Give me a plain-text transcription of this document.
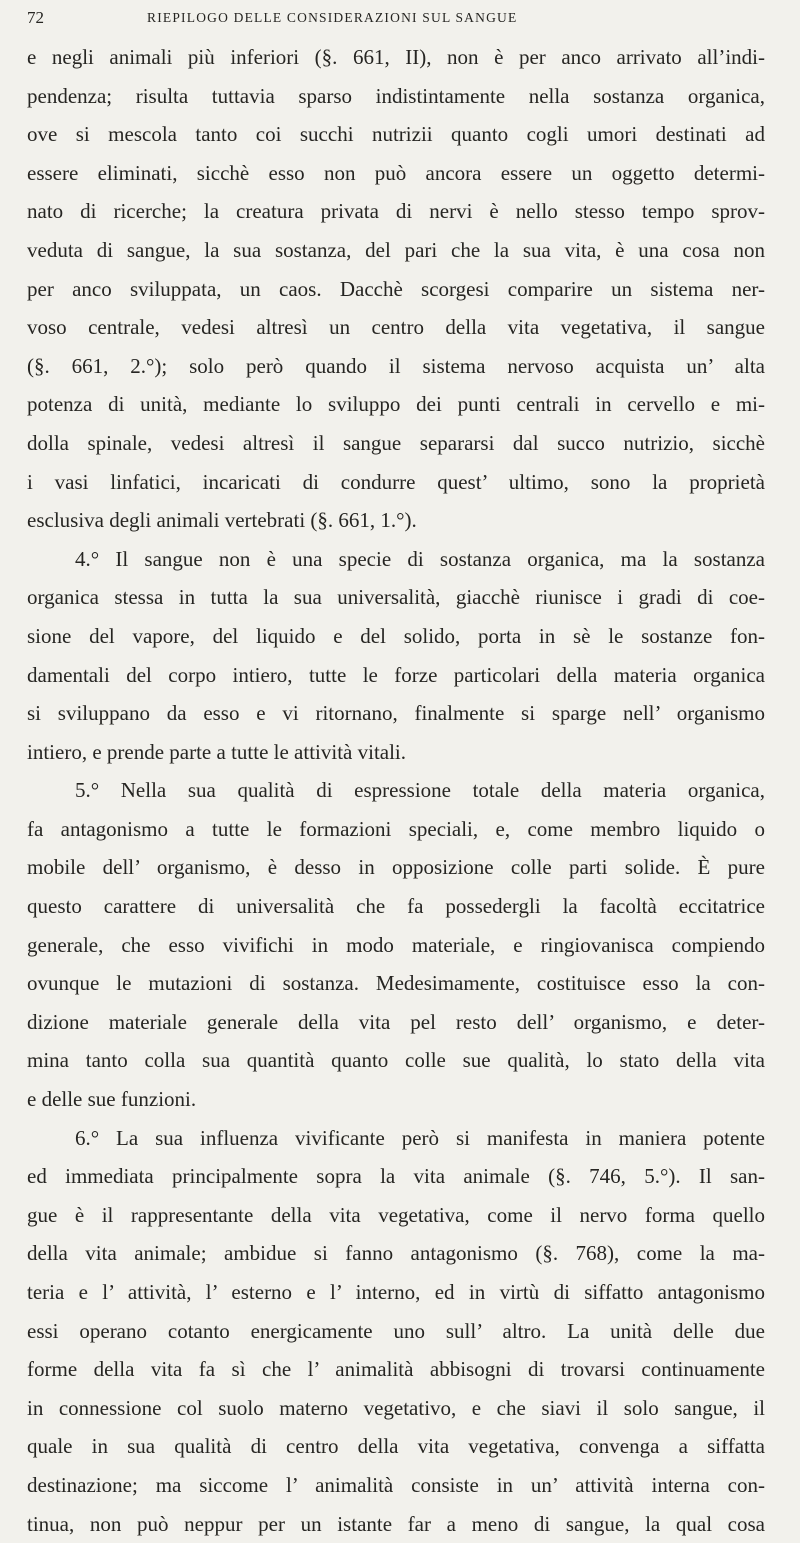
72	RIEPILOGO DELLE CONSIDERAZIONI SUL SANGUE
e negli animali più inferiori (§. 661, II), non è per anco arrivato all’indi-
pendenza; risulta tuttavia sparso indistintamente nella sostanza organica,
ove si mescola tanto coi succhi nutrizii quanto cogli umori destinati ad
essere eliminati, sicchè esso non può ancora essere un oggetto determi-
nato di ricerche; la creatura privata di nervi è nello stesso tempo sprov-
veduta di sangue, la sua sostanza, del pari che la sua vita, è una cosa non
per anco sviluppata, un caos. Dacchè scorgesi comparire un sistema ner-
voso centrale, vedesi altresì un centro della vita vegetativa, il sangue
(§. 661, 2.°); solo però quando il sistema nervoso acquista un’ alta
potenza di unità, mediante lo sviluppo dei punti centrali in cervello e mi-
dolla spinale, vedesi altresì il sangue separarsi dal succo nutrizio, sicchè
i vasi linfatici, incaricati di condurre quest’ ultimo, sono la proprietà
esclusiva degli animali vertebrati (§. 661, 1.°).
4.° Il sangue non è una specie di sostanza organica, ma la sostanza
organica stessa in tutta la sua universalità, giacchè riunisce i gradi di coe-
sione del vapore, del liquido e del solido, porta in sè le sostanze fon-
damentali del corpo intiero, tutte le forze particolari della materia organica
si sviluppano da esso e vi ritornano, finalmente si sparge nell’ organismo
intiero, e prende parte a tutte le attività vitali.
5.° Nella sua qualità di espressione totale della materia organica,
fa antagonismo a tutte le formazioni speciali, e, come membro liquido o
mobile dell’ organismo, è desso in opposizione colle parti solide. È pure
questo carattere di universalità che fa possedergli la facoltà eccitatrice
generale, che esso vivifichi in modo materiale, e ringiovanisca compiendo
ovunque le mutazioni di sostanza. Medesimamente, costituisce esso la con-
dizione materiale generale della vita pel resto dell’ organismo, e deter-
mina tanto colla sua quantità quanto colle sue qualità, lo stato della vita
e delle sue funzioni.
6.° La sua influenza vivificante però si manifesta in maniera potente
ed immediata principalmente sopra la vita animale (§. 746, 5.°). Il san-
gue è il rappresentante della vita vegetativa, come il nervo forma quello
della vita animale; ambidue si fanno antagonismo (§. 768), come la ma-
teria e l’ attività, l’ esterno e l’ interno, ed in virtù di siffatto antagonismo
essi operano cotanto energicamente uno sull’ altro. La unità delle due
forme della vita fa sì che l’ animalità abbisogni di trovarsi continuamente
in connessione col suolo materno vegetativo, e che siavi il solo sangue, il
quale in sua qualità di centro della vita vegetativa, convenga a siffatta
destinazione; ma siccome l’ animalità consiste in un’ attività interna con-
tinua, non può neppur per un istante far a meno di sangue, la qual cosa
